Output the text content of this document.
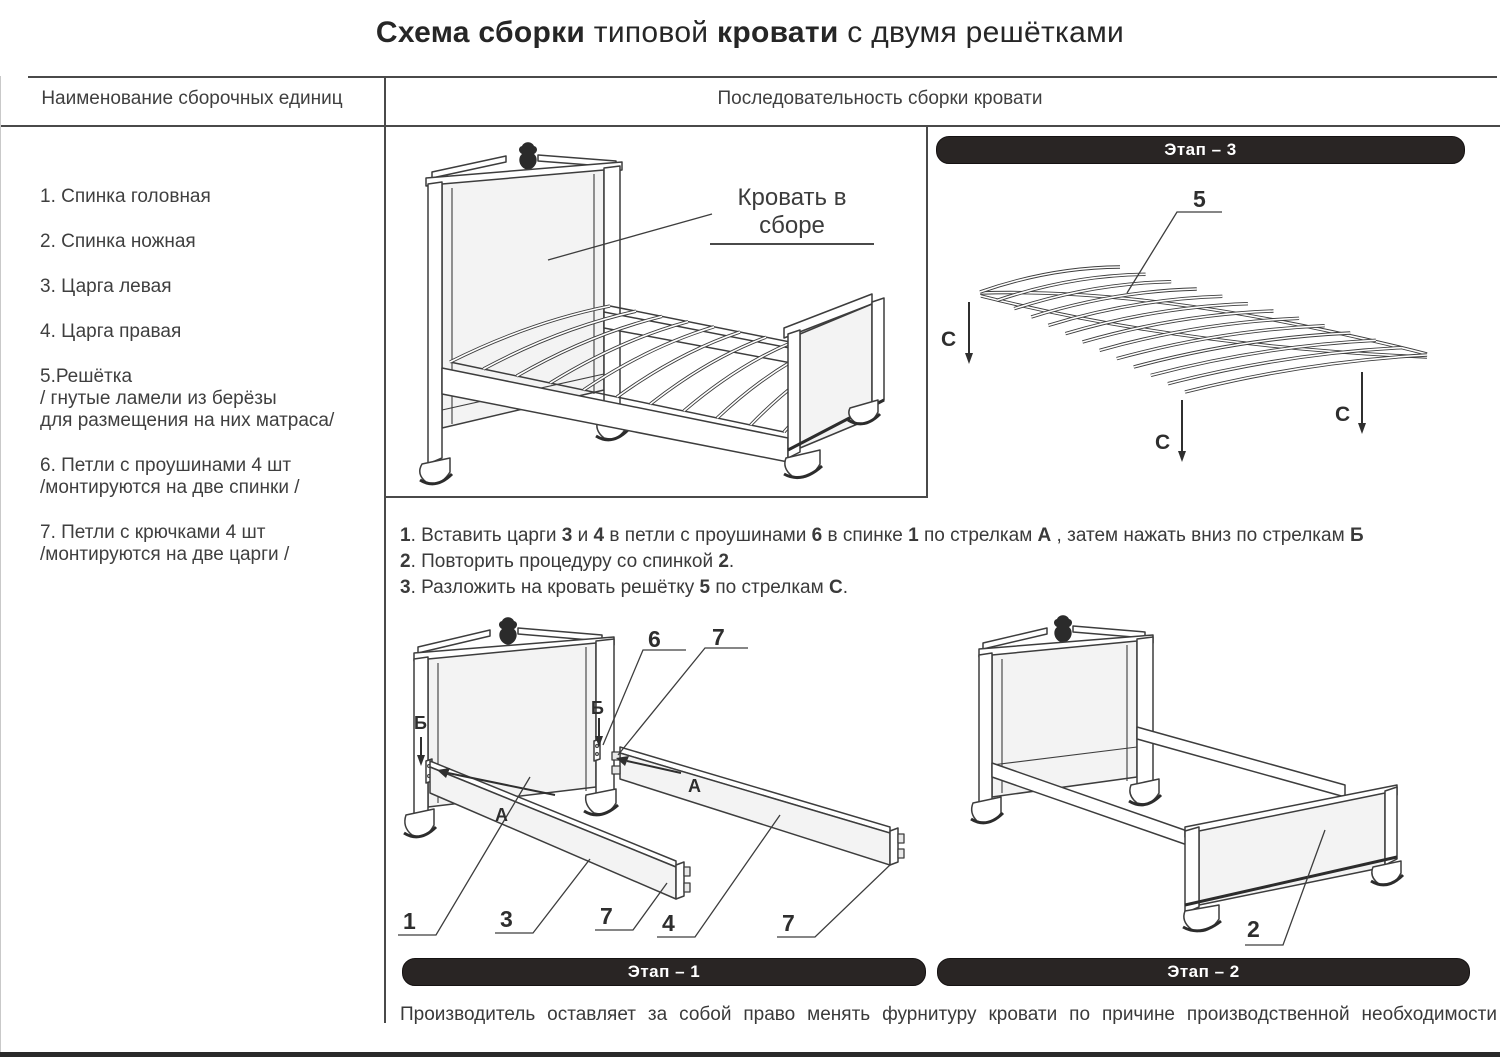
Схема сборки типовой кровати с двумя решётками
Наименование сборочных единиц	Последовательность сборки кровати
1. Спинка головная
2. Спинка ножная
3. Царга левая
4. Царга правая
5.Решётка
/ гнутые ламели из берёзы
для размещения на них матраса/
6. Петли с проушинами 4 шт
/монтируются на две спинки /
7. Петли с крючками 4 шт
/монтируются на две царги /
Кровать в сборе
Этап – 3
5
С
С
С
1. Вставить царги 3 и 4 в петли с проушинами 6 в спинке 1 по стрелкам А , затем нажать вниз по стрелкам Б
2. Повторить процедуру со спинкой 2.
3. Разложить на кровать решётку 5 по стрелкам С.
Б
Б
А
А
6 7
1	3	7 4	7
Этап – 1
2
Этап – 2
Производитель оставляет за собой право менять фурнитуру кровати по причине производственной необходимости
